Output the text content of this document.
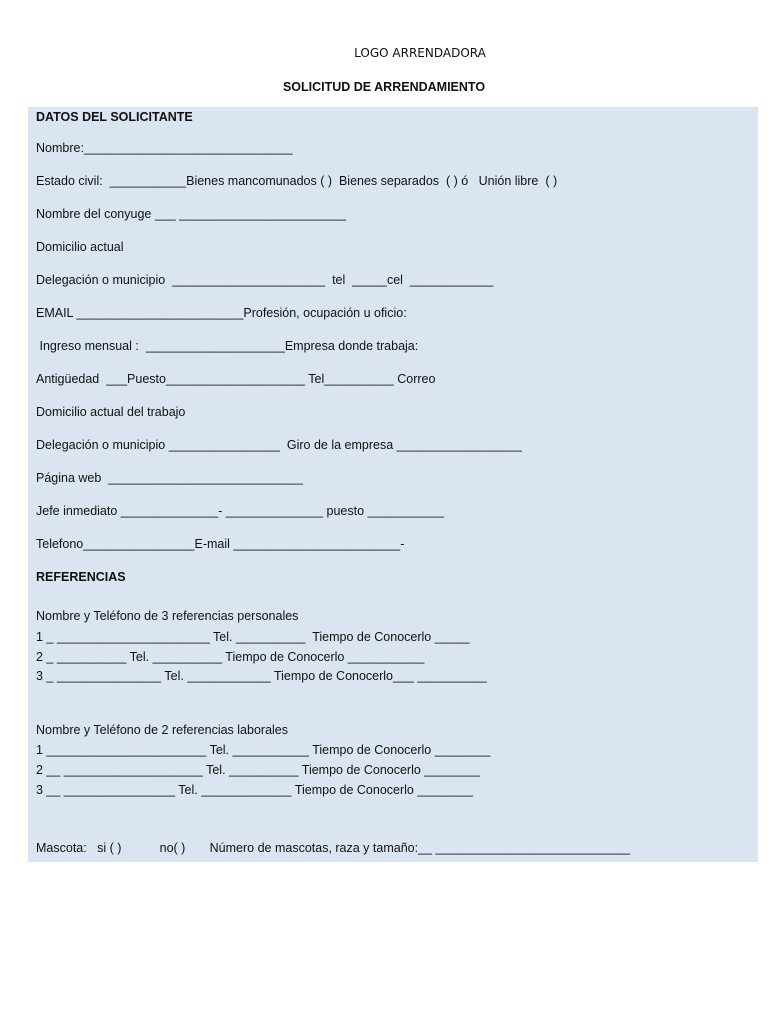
LOGO ARRENDADORA
SOLICITUD DE ARRENDAMIENTO
DATOS DEL SOLICITANTE
Nombre:______________________________
Estado civil:  ___________Bienes mancomunados ( )  Bienes separados  ( ) ó   Unión libre  ( )
Nombre del conyuge ___ ________________________
Domicilio actual
Delegación o municipio  ______________________  tel  _____cel  ____________
EMAIL ________________________Profesión, ocupación u oficio:
Ingreso mensual :  ____________________Empresa donde trabaja:
Antigüedad  ___Puesto____________________ Tel__________ Correo
Domicilio actual del trabajo
Delegación o municipio ________________  Giro de la empresa __________________
Página web  ____________________________
Jefe inmediato ______________- ______________ puesto ___________
Telefono________________E-mail ________________________-
REFERENCIAS
Nombre y Teléfono de 3 referencias personales
1 _ ______________________ Tel. __________  Tiempo de Conocerlo _____
2 _ __________ Tel. __________ Tiempo de Conocerlo ___________
3 _ _______________ Tel. ____________ Tiempo de Conocerlo___ __________
Nombre y Teléfono de 2 referencias laborales
1 _______________________ Tel. ___________ Tiempo de Conocerlo ________
2 __ ____________________ Tel. __________ Tiempo de Conocerlo ________
3 __ ________________ Tel. _____________ Tiempo de Conocerlo ________
Mascota:   si ( )           no( )       Número de mascotas, raza y tamaño:__ ____________________________
